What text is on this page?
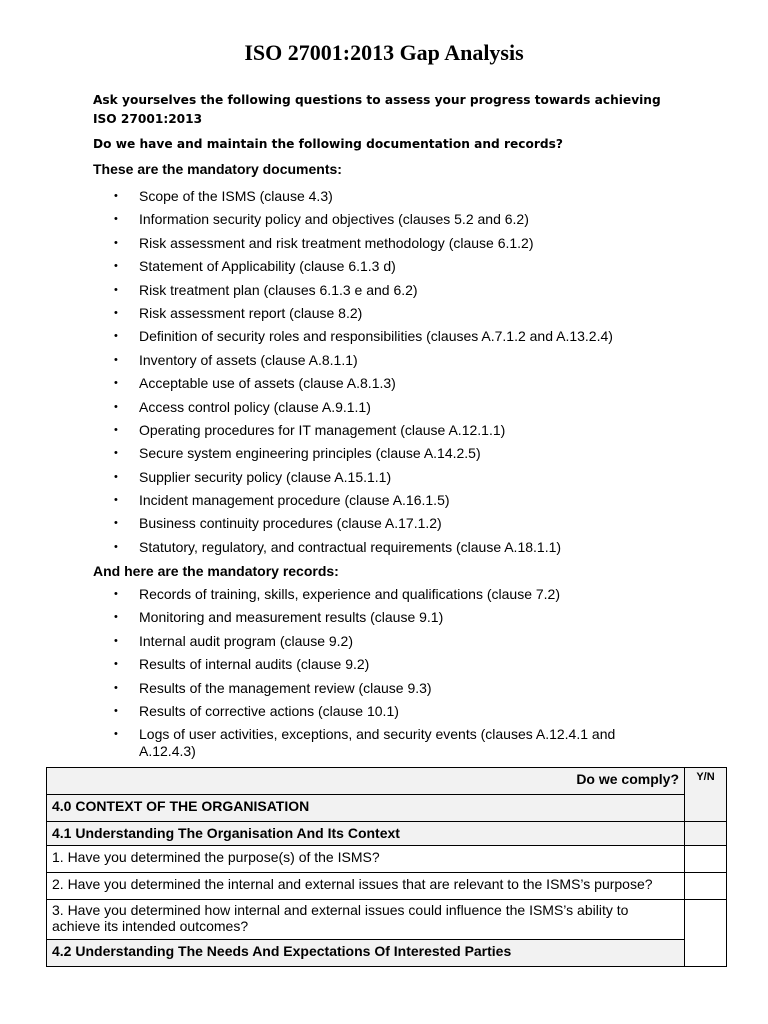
ISO 27001:2013 Gap Analysis
Ask yourselves the following questions to assess your progress towards achieving ISO 27001:2013
Do we have and maintain the following documentation and records?
These are the mandatory documents:
• Scope of the ISMS (clause 4.3)
• Information security policy and objectives (clauses 5.2 and 6.2)
• Risk assessment and risk treatment methodology (clause 6.1.2)
• Statement of Applicability (clause 6.1.3 d)
• Risk treatment plan (clauses 6.1.3 e and 6.2)
• Risk assessment report (clause 8.2)
• Definition of security roles and responsibilities (clauses A.7.1.2 and A.13.2.4)
• Inventory of assets (clause A.8.1.1)
• Acceptable use of assets (clause A.8.1.3)
• Access control policy (clause A.9.1.1)
• Operating procedures for IT management (clause A.12.1.1)
• Secure system engineering principles (clause A.14.2.5)
• Supplier security policy (clause A.15.1.1)
• Incident management procedure (clause A.16.1.5)
• Business continuity procedures (clause A.17.1.2)
• Statutory, regulatory, and contractual requirements (clause A.18.1.1)
And here are the mandatory records:
• Records of training, skills, experience and qualifications (clause 7.2)
• Monitoring and measurement results (clause 9.1)
• Internal audit program (clause 9.2)
• Results of internal audits (clause 9.2)
• Results of the management review (clause 9.3)
• Results of corrective actions (clause 10.1)
• Logs of user activities, exceptions, and security events (clauses A.12.4.1 and A.12.4.3)
Do we comply?	Y/N

4.0 CONTEXT OF THE ORGANISATION	
4.1 Understanding The Organisation And Its Context	
1. Have you determined the purpose(s) of the ISMS?	
2. Have you determined the internal and external issues that are relevant to the ISMS’s purpose?	
3. Have you determined how internal and external issues could influence the ISMS’s ability to achieve its intended outcomes?	
4.2 Understanding The Needs And Expectations Of Interested Parties	
